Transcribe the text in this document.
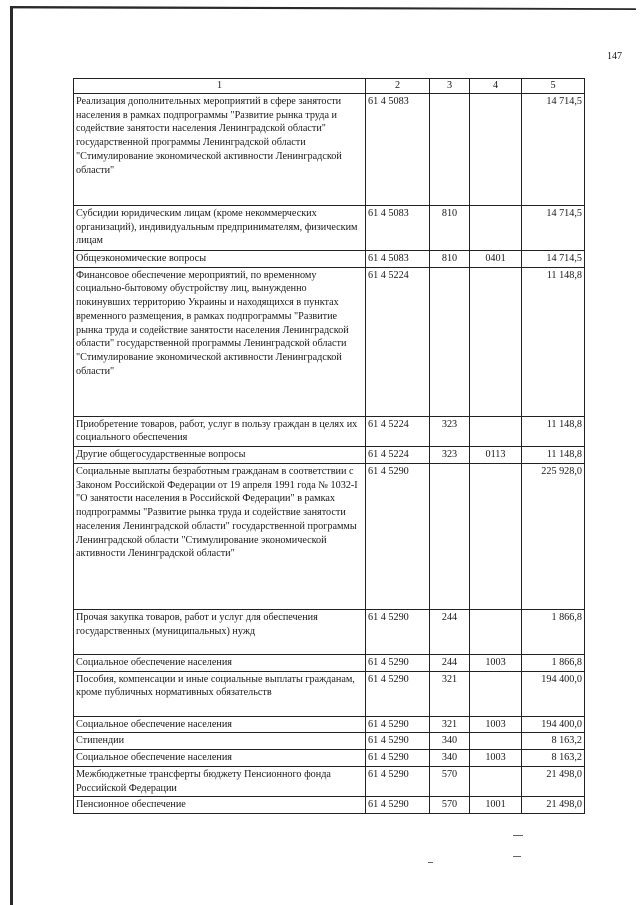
147
1	2	3	4	5
Реализация дополнительных мероприятий в сфере занятости населения в рамках подпрограммы "Развитие рынка труда и содействие занятости населения Ленинградской области" государственной программы Ленинградской области "Стимулирование экономической активности Ленинградской области"	61 4 5083			14 714,5
Субсидии юридическим лицам (кроме некоммерческих организаций), индивидуальным предпринимателям, физическим лицам	61 4 5083	810		14 714,5
Общеэкономические вопросы	61 4 5083	810	0401	14 714,5
Финансовое обеспечение мероприятий, по временному социально-бытовому обустройству лиц, вынужденно покинувших территорию Украины и находящихся в пунктах временного размещения, в рамках подпрограммы "Развитие рынка труда и содействие занятости населения Ленинградской области" государственной программы Ленинградской области "Стимулирование экономической активности Ленинградской области"	61 4 5224			11 148,8
Приобретение товаров, работ, услуг в пользу граждан в целях их социального обеспечения	61 4 5224	323		11 148,8
Другие общегосударственные вопросы	61 4 5224	323	0113	11 148,8
Социальные выплаты безработным гражданам в соответствии с Законом Российской Федерации от 19 апреля 1991 года № 1032-I "О занятости населения в Российской Федерации" в рамках подпрограммы "Развитие рынка труда и содействие занятости населения Ленинградской области" государственной программы Ленинградской области "Стимулирование экономической активности Ленинградской области"	61 4 5290			225 928,0
Прочая закупка товаров, работ и услуг для обеспечения государственных (муниципальных) нужд	61 4 5290	244		1 866,8
Социальное обеспечение населения	61 4 5290	244	1003	1 866,8
Пособия, компенсации и иные социальные выплаты гражданам, кроме публичных нормативных обязательств	61 4 5290	321		194 400,0
Социальное обеспечение населения	61 4 5290	321	1003	194 400,0
Стипендии	61 4 5290	340		8 163,2
Социальное обеспечение населения	61 4 5290	340	1003	8 163,2
Межбюджетные трансферты бюджету Пенсионного фонда Российской Федерации	61 4 5290	570		21 498,0
Пенсионное обеспечение	61 4 5290	570	1001	21 498,0
